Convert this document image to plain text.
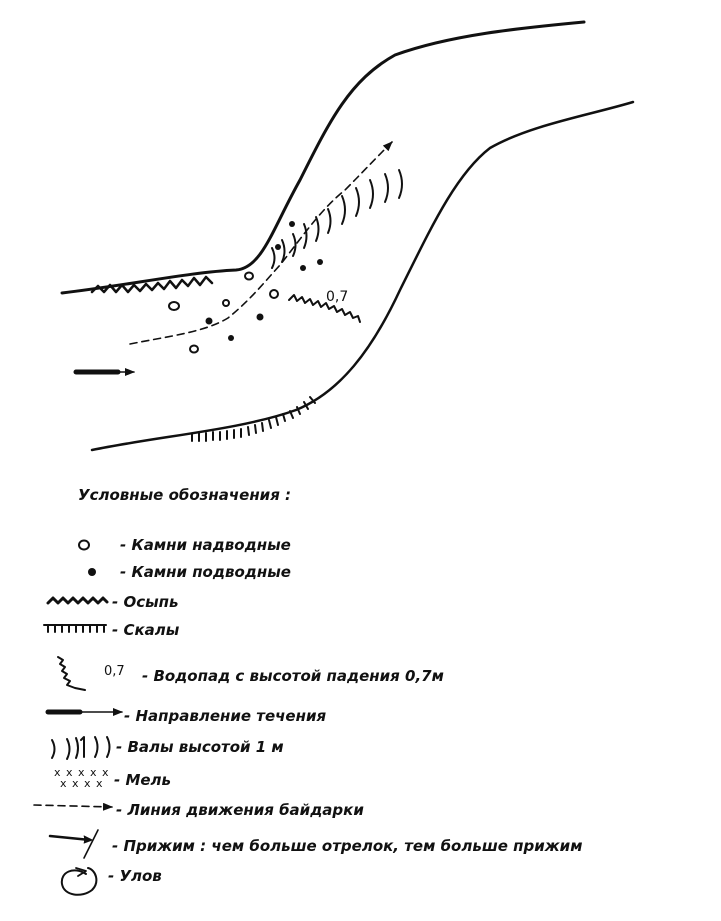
0,7
Условные обозначения :
- Камни надводные
- Камни подводные
- Осыпь
- Скалы
0,7 - Водопад с высотой падения 0,7м
- Направление течения
- Валы высотой 1 м
x x x x x
x x x x - Мель
- Линия движения байдарки
- Прижим : чем больше отрелок, тем больше прижим
- Улов
